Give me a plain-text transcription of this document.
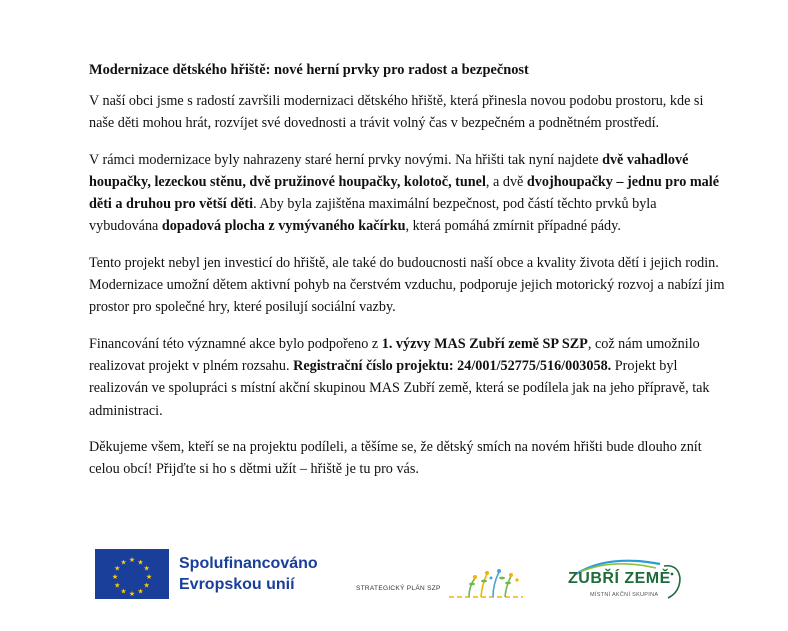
Modernizace dětského hřiště: nové herní prvky pro radost a bezpečnost

V naší obci jsme s radostí završili modernizaci dětského hřiště, která přinesla novou podobu prostoru, kde si naše děti mohou hrát, rozvíjet své dovednosti a trávit volný čas v bezpečném a podnětném prostředí.

V rámci modernizace byly nahrazeny staré herní prvky novými. Na hřišti tak nyní najdete dvě vahadlové houpačky, lezeckou stěnu, dvě pružinové houpačky, kolotoč, tunel, a dvě dvojhoupačky – jednu pro malé děti a druhou pro větší děti. Aby byla zajištěna maximální bezpečnost, pod částí těchto prvků byla vybudována dopadová plocha z vymývaného kačírku, která pomáhá zmírnit případné pády.

Tento projekt nebyl jen investicí do hřiště, ale také do budoucnosti naší obce a kvality života dětí i jejich rodin. Modernizace umožní dětem aktivní pohyb na čerstvém vzduchu, podporuje jejich motorický rozvoj a nabízí jim prostor pro společné hry, které posilují sociální vazby.

Financování této významné akce bylo podpořeno z 1. výzvy MAS Zubří země SP SZP, což nám umožnilo realizovat projekt v plném rozsahu. Registrační číslo projektu: 24/001/52775/516/003058. Projekt byl realizován ve spolupráci s místní akční skupinou MAS Zubří země, která se podílela jak na jeho přípravě, tak administraci.

Děkujeme všem, kteří se na projektu podíleli, a těšíme se, že dětský smích na novém hřišti bude dlouho znít celou obcí! Přijďte si ho s dětmi užít – hřiště je tu pro vás.

★ ★
★
★
★
★
★
★
★
★
★
★	Spolufinancováno
Evropskou unií	STRATEGICKÝ PLÁN SZP
ZUBŘÍ ZEMĚ
MÍSTNÍ AKČNÍ SKUPINA
